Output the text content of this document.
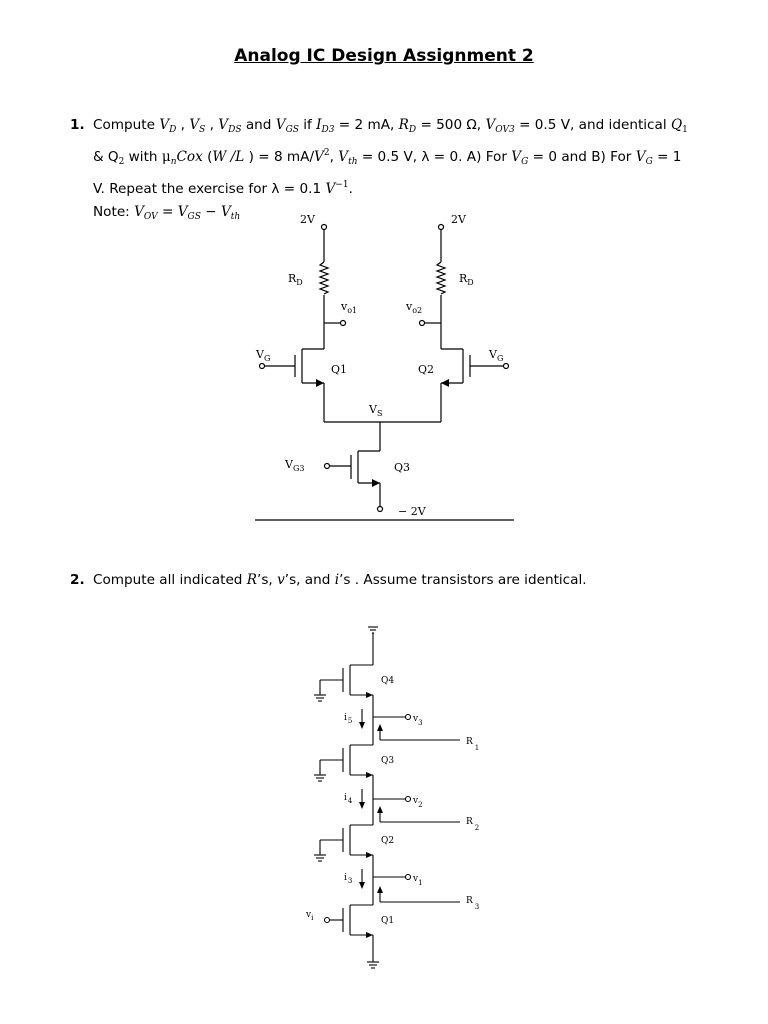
Analog IC Design Assignment 2
1. Compute $V_D$ , $V_S$ , $V_{DS}$ and $V_{GS}$ if $I_{D3} = 2$ mA, $R_D = 500$ Ω, $V_{OV3} = 0.5$ V, and identical $Q_1$
& $Q_2$ with $\mu_nCox$ (W /L ) = 8 $mA/V^2$, $V_{th} = 0.5$ V, λ = 0. A) For $V_G = 0$ and B) For $V_G = 1$
V. Repeat the exercise for λ = 0.1 $V^{-1}$.
Note: $V_{OV} = V_{GS} - V_{th}$
2. Compute all indicated R’s, v’s, and i’s . Assume transistors are identical.
2V	2V
$R_D$	$R_D$
$v_{o1}$	$v_{o2}$
$V_G$	$V_G$
Q1	Q2
$V_S$
$V_{G3}$	Q3
− 2V
Q4
Q3
Q2
Q1
$i_5$
$i_4$
$i_3$
$v_3$
$v_2$
$v_1$
$R_1$
$R_2$
$R_3$
$v_i$
